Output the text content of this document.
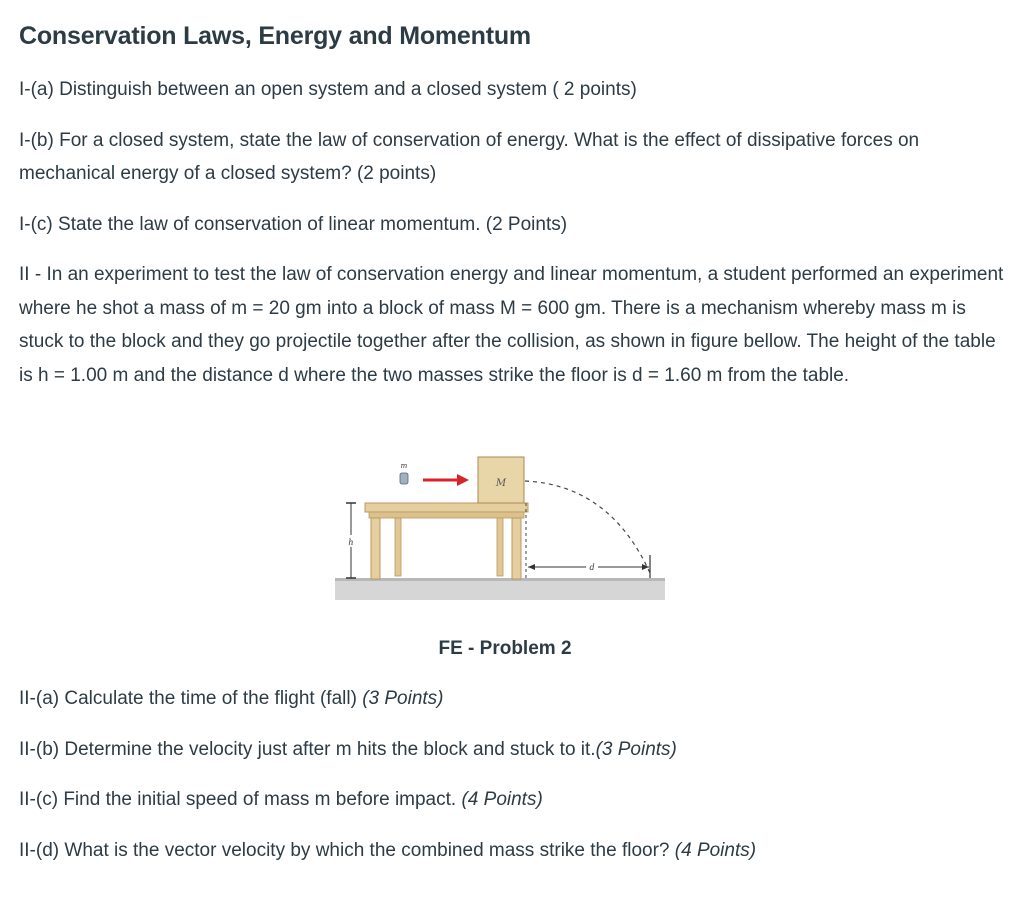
Conservation Laws, Energy and Momentum

I-(a) Distinguish between an open system and a closed system ( 2 points)

I-(b) For a closed system, state the law of conservation of energy. What is the effect of dissipative forces on mechanical energy of a closed system? (2 points)

I-(c) State the law of conservation of linear momentum. (2 Points)

II - In an experiment to test the law of conservation energy and linear momentum, a student performed an experiment where he shot a mass of m = 20 gm into a block of mass M = 600 gm. There is a mechanism whereby mass m is stuck to the block and they go projectile together after the collision, as shown in figure bellow. The height of the table is h = 1.00 m and the distance d where the two masses strike the floor is d = 1.60 m from the table.

h
m
M
d
FE - Problem 2

II-(a) Calculate the time of the flight (fall) (3 Points)

II-(b) Determine the velocity just after m hits the block and stuck to it.(3 Points)

II-(c) Find the initial speed of mass m before impact. (4 Points)

II-(d) What is the vector velocity by which the combined mass strike the floor? (4 Points)
